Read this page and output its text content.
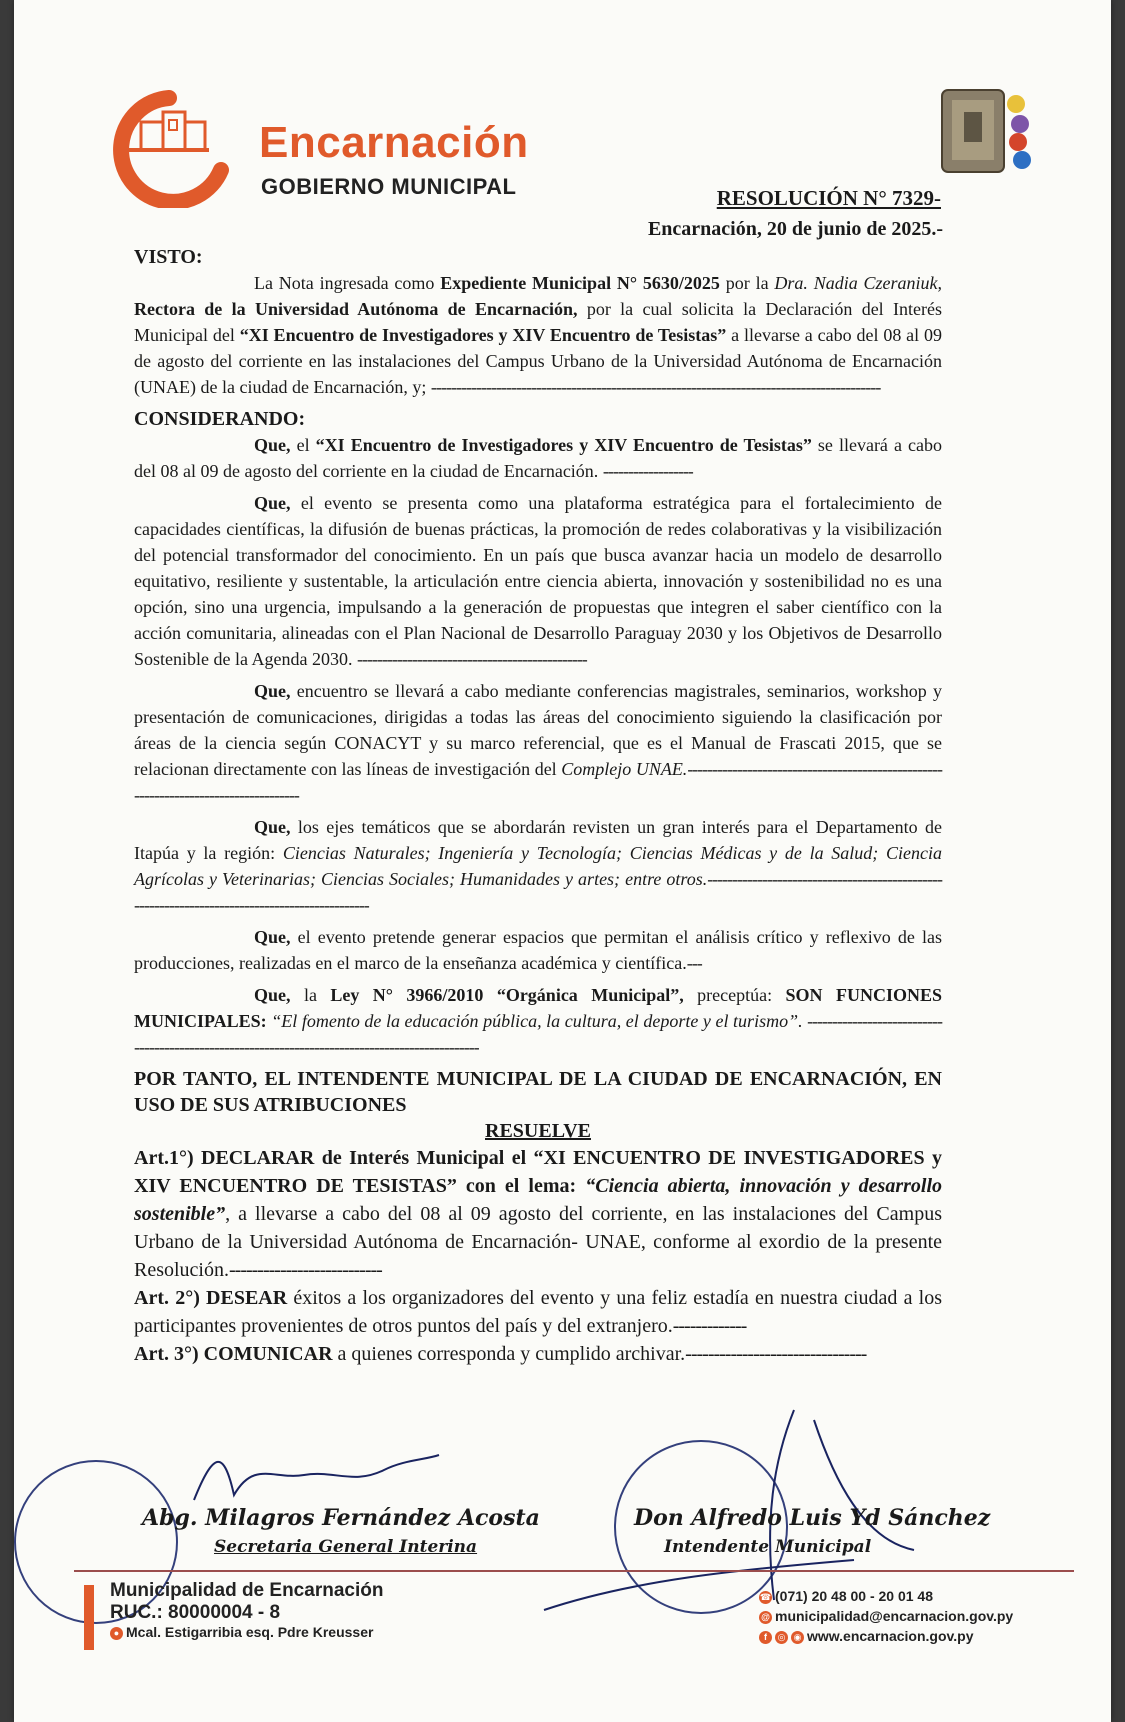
Encarnación
GOBIERNO MUNICIPAL	RESOLUCIÓN N° 7329-
Encarnación, 20 de junio de 2025.-
VISTO:

La Nota ingresada como Expediente Municipal N° 5630/2025 por la Dra. Nadia Czeraniuk, Rectora de la Universidad Autónoma de Encarnación, por la cual solicita la Declaración del Interés Municipal del “XI Encuentro de Investigadores y XIV Encuentro de Tesistas” a llevarse a cabo del 08 al 09 de agosto del corriente en las instalaciones del Campus Urbano de la Universidad Autónoma de Encarnación (UNAE) de la ciudad de Encarnación, y; ------------------------------------------------------------------------------------------

CONSIDERANDO:

Que, el “XI Encuentro de Investigadores y XIV Encuentro de Tesistas” se llevará a cabo del 08 al 09 de agosto del corriente en la ciudad de Encarnación. ------------------

Que, el evento se presenta como una plataforma estratégica para el fortalecimiento de capacidades científicas, la difusión de buenas prácticas, la promoción de redes colaborativas y la visibilización del potencial transformador del conocimiento. En un país que busca avanzar hacia un modelo de desarrollo equitativo, resiliente y sustentable, la articulación entre ciencia abierta, innovación y sostenibilidad no es una opción, sino una urgencia, impulsando a la generación de propuestas que integren el saber científico con la acción comunitaria, alineadas con el Plan Nacional de Desarrollo Paraguay 2030 y los Objetivos de Desarrollo Sostenible de la Agenda 2030. ----------------------------------------------

Que, encuentro se llevará a cabo mediante conferencias magistrales, seminarios, workshop y presentación de comunicaciones, dirigidas a todas las áreas del conocimiento siguiendo la clasificación por áreas de la ciencia según CONACYT y su marco referencial, que es el Manual de Frascati 2015, que se relacionan directamente con las líneas de investigación del Complejo UNAE.------------------------------------------------------------------------------------

Que, los ejes temáticos que se abordarán revisten un gran interés para el Departamento de Itapúa y la región: Ciencias Naturales; Ingeniería y Tecnología; Ciencias Médicas y de la Salud; Ciencia Agrícolas y Veterinarias; Ciencias Sociales; Humanidades y artes; entre otros.----------------------------------------------------------------------------------------------

Que, el evento pretende generar espacios que permitan el análisis crítico y reflexivo de las producciones, realizadas en el marco de la enseñanza académica y científica.---

Que, la Ley N° 3966/2010 “Orgánica Municipal”, preceptúa: SON FUNCIONES MUNICIPALES: “El fomento de la educación pública, la cultura, el deporte y el turismo”. ------------------------------------------------------------------------------------------------

POR TANTO, EL INTENDENTE MUNICIPAL DE LA CIUDAD DE ENCARNACIÓN, EN USO DE SUS ATRIBUCIONES

RESUELVE

Art.1°) DECLARAR de Interés Municipal el “XI ENCUENTRO DE INVESTIGADORES y XIV ENCUENTRO DE TESISTAS” con el lema: “Ciencia abierta, innovación y desarrollo sostenible”, a llevarse a cabo del 08 al 09 agosto del corriente, en las instalaciones del Campus Urbano de la Universidad Autónoma de Encarnación- UNAE, conforme al exordio de la presente Resolución.---------------------------

Art. 2°) DESEAR éxitos a los organizadores del evento y una feliz estadía en nuestra ciudad a los participantes provenientes de otros puntos del país y del extranjero.-------------

Art. 3°) COMUNICAR a quienes corresponda y cumplido archivar.--------------------------------

Abg. Milagros Fernández Acosta
Secretaria General Interina
Don Alfredo Luis Yd Sánchez
Intendente Municipal
Municipalidad de Encarnación
RUC.: 80000004 - 8
● Mcal. Estigarribia esq. Pdre Kreusser
☎ (071) 20 48 00 - 20 01 48
@ municipalidad@encarnacion.gov.py
f ◎ ◉ www.encarnacion.gov.py
